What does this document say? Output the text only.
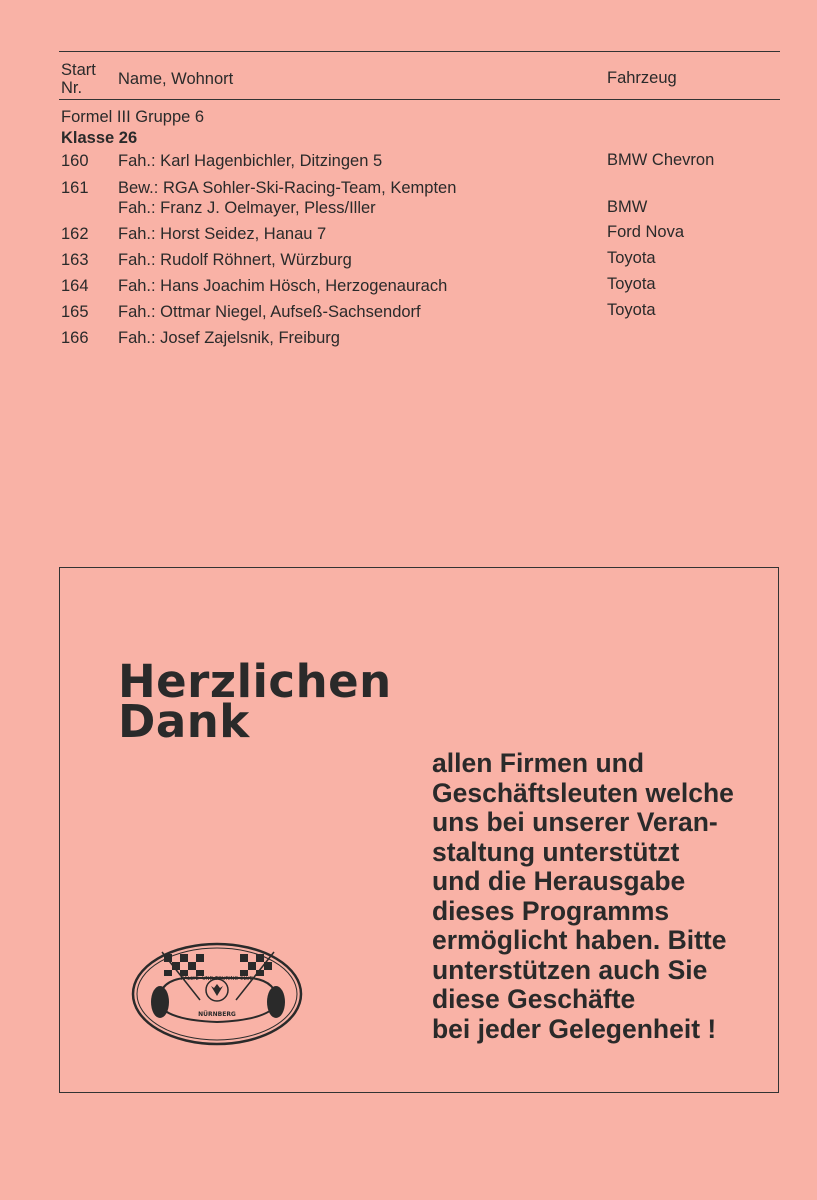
Start
Nr.	Name, Wohnort	Fahrzeug
Formel III Gruppe 6
Klasse 26
160 Fah.: Karl Hagenbichler, Ditzingen 5	BMW Chevron
161 Bew.: RGA Sohler-Ski-Racing-Team, Kempten
Fah.: Franz J. Oelmayer, Pless/Iller	BMW
162 Fah.: Horst Seidez, Hanau 7	Ford Nova
163 Fah.: Rudolf Röhnert, Würzburg	Toyota
164 Fah.: Hans Joachim Hösch, Herzogenaurach	Toyota
165 Fah.: Ottmar Niegel, Aufseß-Sachsendorf	Toyota
166 Fah.: Josef Zajelsnik, Freiburg
Herzlichen
Dank
allen Firmen und
Geschäftsleuten welche
uns bei unserer Veran-
staltung unterstützt
und die Herausgabe
dieses Programms
ermöglicht haben. Bitte
unterstützen auch Sie
diese Geschäfte
bei jeder Gelegenheit !
RALLYE- UND TOURING-CLUB
NÜRNBERG
